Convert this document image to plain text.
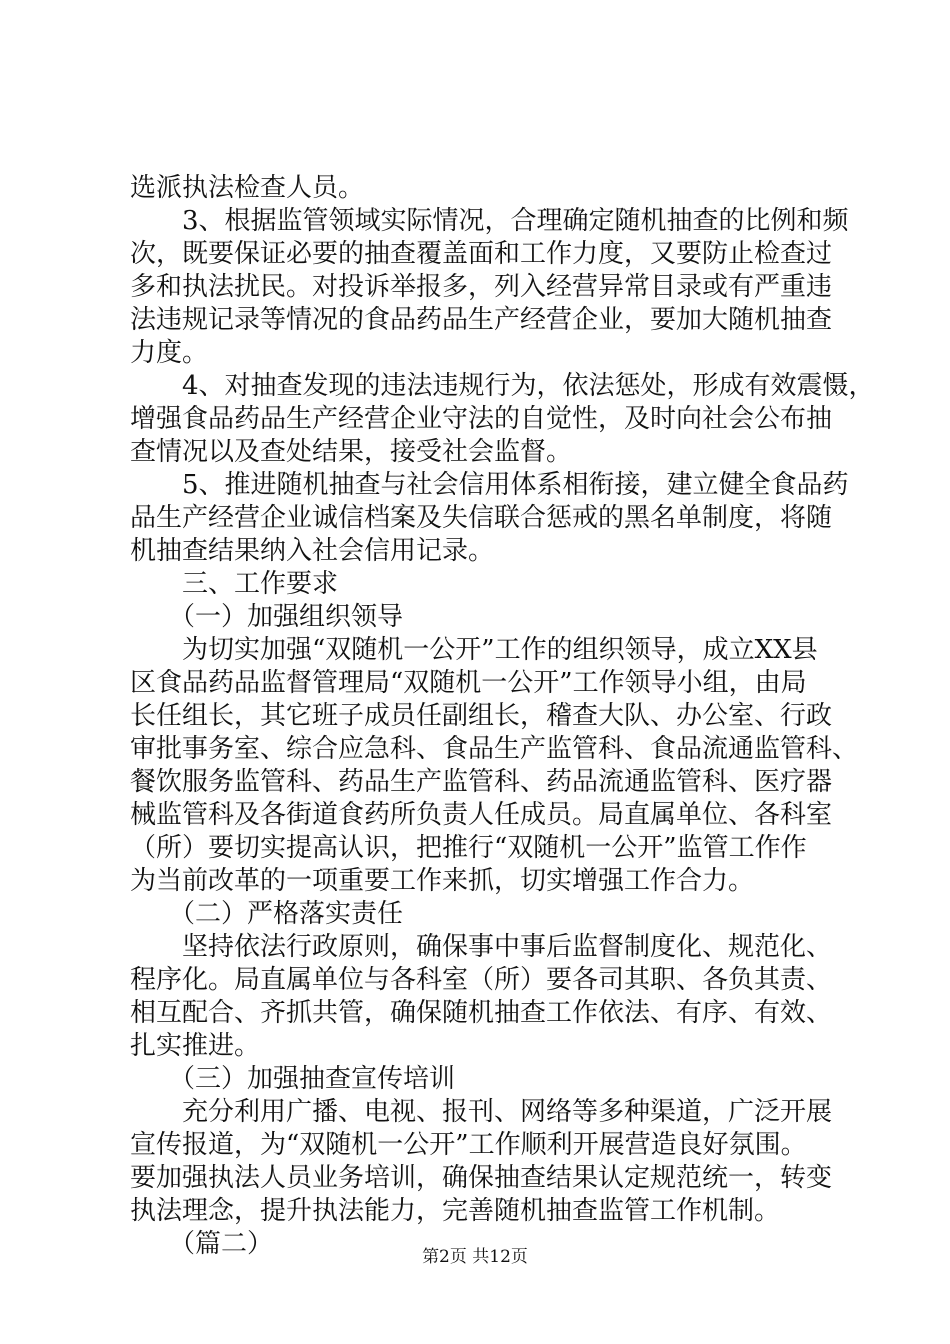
选派执法检查人员。
　　3、根据监管领域实际情况，合理确定随机抽查的比例和频
次，既要保证必要的抽查覆盖面和工作力度，又要防止检查过
多和执法扰民。对投诉举报多，列入经营异常目录或有严重违
法违规记录等情况的食品药品生产经营企业，要加大随机抽查
力度。
　　4、对抽查发现的违法违规行为，依法惩处，形成有效震慑，
增强食品药品生产经营企业守法的自觉性，及时向社会公布抽
查情况以及查处结果，接受社会监督。
　　5、推进随机抽查与社会信用体系相衔接，建立健全食品药
品生产经营企业诚信档案及失信联合惩戒的黑名单制度，将随
机抽查结果纳入社会信用记录。
　　三、工作要求
　　（一）加强组织领导
　　为切实加强“双随机一公开”工作的组织领导，成立XX县
区食品药品监督管理局“双随机一公开”工作领导小组，由局
长任组长，其它班子成员任副组长，稽查大队、办公室、行政
审批事务室、综合应急科、食品生产监管科、食品流通监管科、
餐饮服务监管科、药品生产监管科、药品流通监管科、医疗器
械监管科及各街道食药所负责人任成员。局直属单位、各科室
（所）要切实提高认识，把推行“双随机一公开”监管工作作
为当前改革的一项重要工作来抓，切实增强工作合力。
　　（二）严格落实责任
　　坚持依法行政原则，确保事中事后监督制度化、规范化、
程序化。局直属单位与各科室（所）要各司其职、各负其责、
相互配合、齐抓共管，确保随机抽查工作依法、有序、有效、
扎实推进。
　　（三）加强抽查宣传培训
　　充分利用广播、电视、报刊、网络等多种渠道，广泛开展
宣传报道，为“双随机一公开”工作顺利开展营造良好氛围。
要加强执法人员业务培训，确保抽查结果认定规范统一，转变
执法理念，提升执法能力，完善随机抽查监管工作机制。
　　（篇二）	第2页 共12页
